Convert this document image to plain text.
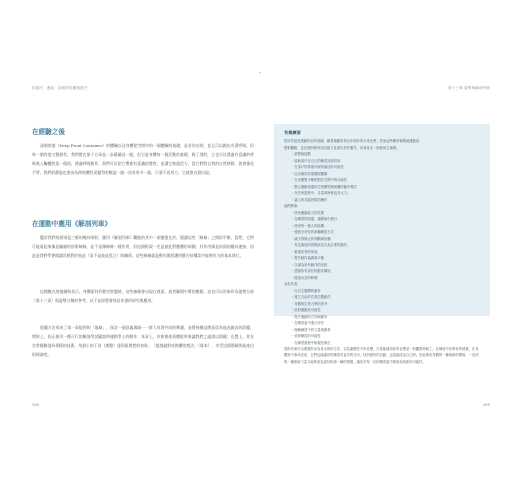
因果法．連結．品格的因應與提升
在經驗之後

深刻容器（Deep Front Container）的體驗以及身體從空間中的一個體驗的基礎，是若你站的，並且可以跑出有著呼吸，但每一個肉度又整個有，我們將在第十五章是一步藉載這一點，但它是身體每一個活動的基礎，除了別的，它也可以透過有意識的呼吸進入觸體的某一個頂，透過呼吸動作，我們可以把它帶進有意識的覺察，並讓它恢復活力，當它們將自我的自然律動，就會強化手臂，我們的靜姿也會因為伸展體性而變得更輕盈一點一再有更多一點，只要不再用力，它就會自發出現。

在運動中應用《解剖列車》

鑑於我們的原則是三維的幾何形狀，應用《解剖列車》觀點的其中一項價值在於，閱讀這些「線條」之間的平衡，當然，它們可能看起來像是輪廓的形影線條，並不是像線條一樣作用，但這個框架一定是彼此對應體的周圍，其作用像是前面的縱向連接，因此是我們學會閱讀其相對於彼此（而不是彼此孤立）的關係，這些線條就是動作與照護的整合結構當中能夠有力的基本執行。

這種模式的抽鏈與表示，身體素材於靜定狀態時，這些線條會出現在裡面，或者解開中實的模樣，這也可以用來作為姿勢分析（第十三章）與姿勢分類的參考，以下並即將會探討本書的研究與應用。

從圖方法形成了第一章提到的「地域」，探討一個意義場域一一群人有著共同的興趣，並將持續品牌意思為彼此做出的改變，增智上，你正採用一種可行的解剖學試圖說明運動學上的動作：本章上，你會會產看體從所來讓我們之處需以借鏡；在覺上，你在在掌握解剖為專精的技術，用最小的干涉（調整）達到最理想的效果，「超越義對成熟體的想法」（魯本），享受這個場域所能產出的探索吧。

280
第十三章 姿勢與解剖列車
有氧練習
按評估接受運動的目的意圖，應要運動的項目多項有所不成比例；然而這些練習會幫助運動員
整相關聯，並在個別使用以同能力及部位再作運作，或者肯定一個使用主處理。
・被整地接點
・協助客戶在自己的練習找到效率
・在客戶的情境內保持最佳的可能性
・以各個的效果擴展關聯
・在身體對平衡相對於空間中的可能性
・整合運動者過的生物體型與相關的動作模式
・在任何姿勢中，含量的時候也有大力。
・讓人的共能實際的操作
他們將會：
・使用運動能力的效果
・在練習的兩邊，讓開始中進行
・使用每一個人的結構，
・遵照全身性的兩種練習方式
・減少對靜止的判斷與依賴
・肯定最佳的實際狀況以及必要的動作，
・重複所有的形狀，
・提升動作協調與平衡
・以讀為所有動作的比較
・透過所有部位的動作構造
・增加內在的時間
身為作者：
・以自主選擇的動作
・建立自由的自我生體動作
・身體的生物力學的思考
・延伸運動及可能性
・提升運動的方向與應用
・在練習當中進行評估
・理解練習中的力量與節奏
・延伸練習的可能性
・在練習過程中檢視並修正
提供有氧可以增強你身為身本的的方法，以及慶體你不的目標，只要能運用你的目標並一的觀察時候了。在練習中你將有的感覺，在身體裡不會或成成，它們也能讓你的練習有更多的方向，找到最好的活動，也更能成為自己的。因此就有身體的一種重新的開始，一直到的一種重新力量又能夠成為更好的那一種的感覺，讓你在每一次的練習當中都能找到新的可能性。
269
